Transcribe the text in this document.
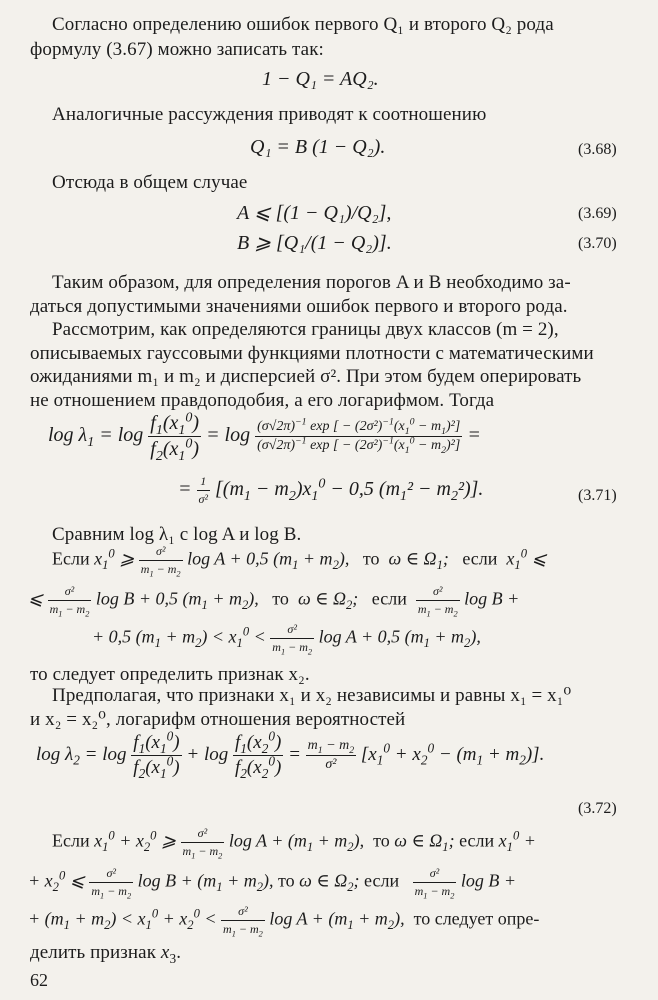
Согласно определению ошибок первого Q₁ и второго Q₂ рода
формулу (3.67) можно записать так:
1 − Q₁ = AQ₂.
Аналогичные рассуждения приводят к соотношению
Q₁ = B (1 − Q₂).	(3.68)
Отсюда в общем случае
A ⩽ [(1 − Q₁)/Q₂],	(3.69)
B ⩾ [Q₁/(1 − Q₂)].	(3.70)
Таким образом, для определения порогов A и B необходимо за-
даться допустимыми значениями ошибок первого и второго рода.
Рассмотрим, как определяются границы двух классов (m = 2),
описываемых гауссовыми функциями плотности с математическими
ожиданиями m₁ и m₂ и дисперсией σ². При этом будем оперировать
не отношением правдоподобия, а его логарифмом. Тогда
$\log \lambda_1 = \log \frac{f_1(x_1^0)}{f_2(x_1^0)} = \log \frac{(\sigma√2\pi)^{-1} \exp [ - (2\sigma^2)^{-1}(x_1^0 - m_1)^2]}{(\sigma√2\pi)^{-1} \exp [ - (2\sigma^2)^{-1}(x_1^0 - m_2)^2]}$ =
= $\frac{1}{\text{σ²}} [(m_1 - m_2)x_1^0 - 0,5$ $(m_1^2 - m_2^2)$].	(3.71)
Сравним log λ₁ с log A и log B.
Если $x_1^0$ ⩾ $\frac{\text{σ²}}{m_1 - m_2}$ log A + 0,5 $(m_1 + m_2)$,   то  ω ∈ $\Omega_1$;   если  $x_1^0$ ⩽
⩽ $\frac{\text{σ²}}{m_1 - m_2}$ log B + 0,5 $(m_1 + m_2)$,   то  ω ∈ $\Omega_2$;   если $\frac{\text{σ²}}{m_1 - m_2}$ log B +
+ 0,5 $(m_1 + m_2) < x_1^0 < \frac{\text{σ²}}{m_1 - m_2}$ log A + 0,5 $(m_1 + m_2)$,
то следует определить признак x₂.
Предполагая, что признаки x₁ и x₂ независимы и равны x₁ = x₁⁰
и x₂ = x₂⁰, логарифм отношения вероятностей
$\log \lambda_2 = \log \frac{f_1(x_1^0)}{f_2(x_1^0)} + \log \frac{f_1(x_2^0)}{f_2(x_2^0)} = \frac{m_1 - m_2}{\text{σ²}} [x_1^0 + x_2^0 - (m_1 + m_2)]$.
(3.72)
Если $x_1^0 + x_2^0$ ⩾ $\frac{\text{σ²}}{m_1 - m_2}$ $\log A + (m_1 + m_2)$,  то ω ∈ $\Omega_1$; если $x_1^0$ +
+ $x_2^0$ ⩽ $\frac{\text{σ²}}{m_1 - m_2}$ $\log B + (m_1 + m_2)$, то ω ∈ $\Omega_2$; если $\frac{\text{σ²}}{m_1 - m_2}$ log B +
+ $(m_1 + m_2) < x_1^0 + x_2^0 < \frac{\text{σ²}}{m_1 - m_2}$ $\log A + (m_1 + m_2)$,  то следует опре-
делить признак $x_3$.
62
